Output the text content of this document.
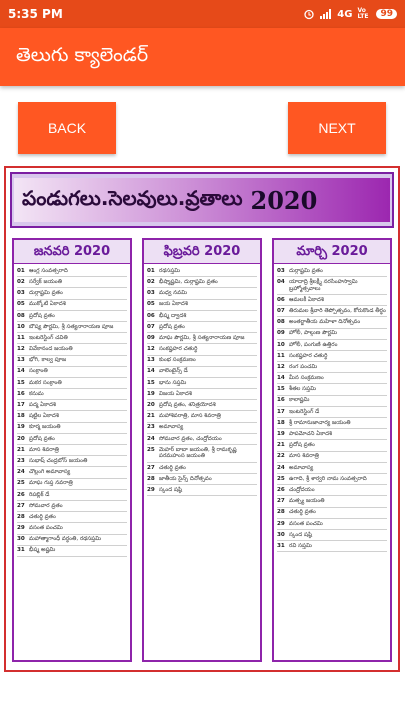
5:35 PM	4G Vo LTE	99
తెలుగు క్యాలెండర్
BACK	NEXT
పండుగలు.సెలవులు.వ్రతాలు 2020
జనవరి 2020
01 ఆంగ్ల సంవత్సరాది
02 సర్వేక్ జయంతి
03 దుర్గాష్టమి వ్రతం
05 ముక్కోటి ఏకాదశి
08 ప్రదోష వ్రతం
10 బౌష్య పౌర్ణమి, శ్రీ సత్యనారాయణ పూజ
11 ఇంటరెస్టింగ్ చవితి
12 వివేకానంద జయంతి
13 భోగి, కాల్వ పూజ
14 సంక్రాంతి
15 మకర సంక్రాంతి
16 కనుమ
17 పద్మ ఏకాదశి
18 షట్టిల ఏకాదశి
19 కూర్మ జయంతి
20 ప్రదోష వ్రతం
21 మాస శివరాత్రి
23 సుభాష్ చంద్రబోస్ జయంతి
24 చొల్లంగి అమావాస్య
25 మాఘ గుప్త నవరాత్రి
26 రిపబ్లిక్ డే
27 సోమవార వ్రతం
28 చతుర్థి వ్రతం
29 వసంత పంచమి
30 మహాత్మాగాంధీ వర్ధంతి, రథసప్తమి
31 భీష్మ అష్టమి
ఫిబ్రవరి 2020
01 రథసప్తమి
02 భీష్మాష్టమి, దుర్గాష్టమి వ్రతం
03 మధ్వ నవమి
05 జయ ఏకాదశి
06 భీష్మ ద్వాదశి
07 ప్రదోష వ్రతం
09 మాఘ పౌర్ణమి, శ్రీ సత్యనారాయణ పూజ
12 సంకష్టహర చతుర్థి
13 కుంభ సంక్రమణం
14 వాలెంటైన్స్ డే
15 భాను సప్తమి
19 విజయ ఏకాదశి
20 ప్రదోష వ్రతం, శనిత్రయోదశి
21 మహాశివరాత్రి, మాస శివరాత్రి
23 అమావాస్య
24 సోమవార వ్రతం, చంద్రోదయం
25 మెహర్ బాబా జయంతి, శ్రీ రామకృష్ణ పరమహంస జయంతి
27 చతుర్థి వ్రతం
28 జాతీయ సైన్స్ దినోత్సవం
29 స్కంద షష్ఠి
మార్చి 2020
03 దుర్గాష్టమి వ్రతం
04 యాదాద్రి శ్రీలక్ష్మీ నరసింహస్వామి బ్రహ్మోత్సవాలు
06 ఆమలకీ ఏకాదశి
07 తిరుమల శ్రీవారి తెప్పోత్సవం, కోరుకొండ తీర్థం
08 అంతర్జాతీయ మహిళా దినోత్సవం
09 హోలీ, పాల్గుణ పౌర్ణమి
10 హోలీ, పంగుణి ఉత్తిరం
11 సంకష్టహర చతుర్థి
12 రంగ పంచమి
14 మీన సంక్రమణం
15 శీతల సప్తమి
16 కాలాష్టమి
17 ఇంటరెస్టింగ్ డే
18 శ్రీ రామానుజాచార్య జయంతి
19 పాపమోచని ఏకాదశి
21 ప్రదోష వ్రతం
22 మాస శివరాత్రి
24 అమావాస్య
25 ఉగాది, శ్రీ శార్వరి నామ సంవత్సరాది
26 చంద్రోదయం
27 మత్స్య జయంతి
28 చతుర్థి వ్రతం
29 వసంత పంచమి
30 స్కంద షష్ఠి
31 రవి సప్తమి
